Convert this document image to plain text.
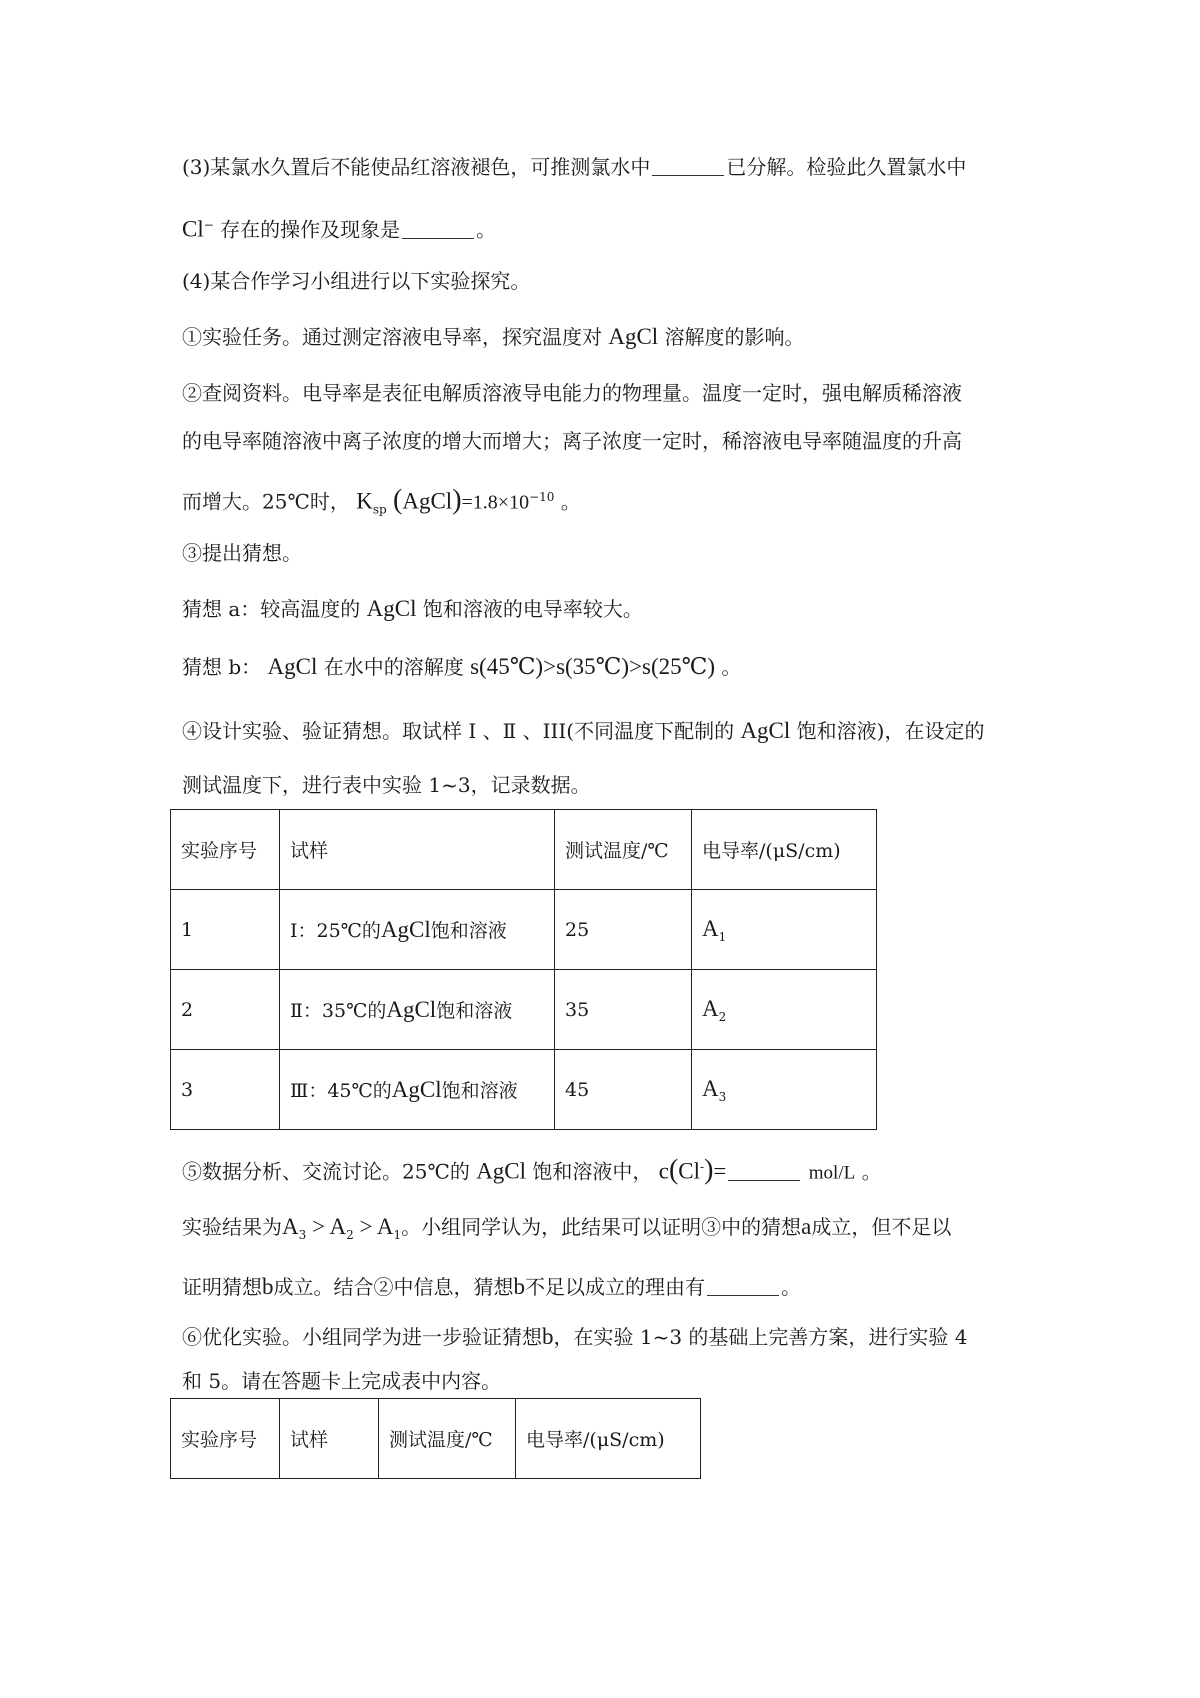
(3)某氯水久置后不能使品红溶液褪色，可推测氯水中	已分解。检验此久置氯水中
Cl− 存在的操作及现象是	。
(4)某合作学习小组进行以下实验探究。
①实验任务。通过测定溶液电导率，探究温度对 AgCl 溶解度的影响。
②查阅资料。电导率是表征电解质溶液导电能力的物理量。温度一定时，强电解质稀溶液
的电导率随溶液中离子浓度的增大而增大；离子浓度一定时，稀溶液电导率随温度的升高
而增大。25℃时， $K_{sp}$ $(AgCl)=1.8\times 10^{-10}$ 。
③提出猜想。
猜想 a：较高温度的 AgCl 饱和溶液的电导率较大。
猜想 b： AgCl 在水中的溶解度 s(45℃)>s(35℃)>s(25℃) 。
④设计实验、验证猜想。取试样 Ⅰ 、Ⅱ 、III(不同温度下配制的 AgCl 饱和溶液)，在设定的
测试温度下，进行表中实验 1~3，记录数据。
实验序号	试样	测试温度/℃	电导率/(μS/cm)
1	Ⅰ：25℃的AgCl饱和溶液	25	$A_1$
2	Ⅱ：35℃的AgCl饱和溶液	35	$A_2$
3	Ⅲ：45℃的AgCl饱和溶液	45	$A_3$
⑤数据分析、交流讨论。25℃的 AgCl 饱和溶液中， c(Cl-)=	mol/L 。
实验结果为$A_3 > A_2 > A_1$。小组同学认为，此结果可以证明③中的猜想a成立，但不足以
证明猜想b成立。结合②中信息，猜想b不足以成立的理由有	。
⑥优化实验。小组同学为进一步验证猜想b，在实验 1~3 的基础上完善方案，进行实验 4
和 5。请在答题卡上完成表中内容。
实验序号	试样	测试温度/℃	电导率/(μS/cm)
